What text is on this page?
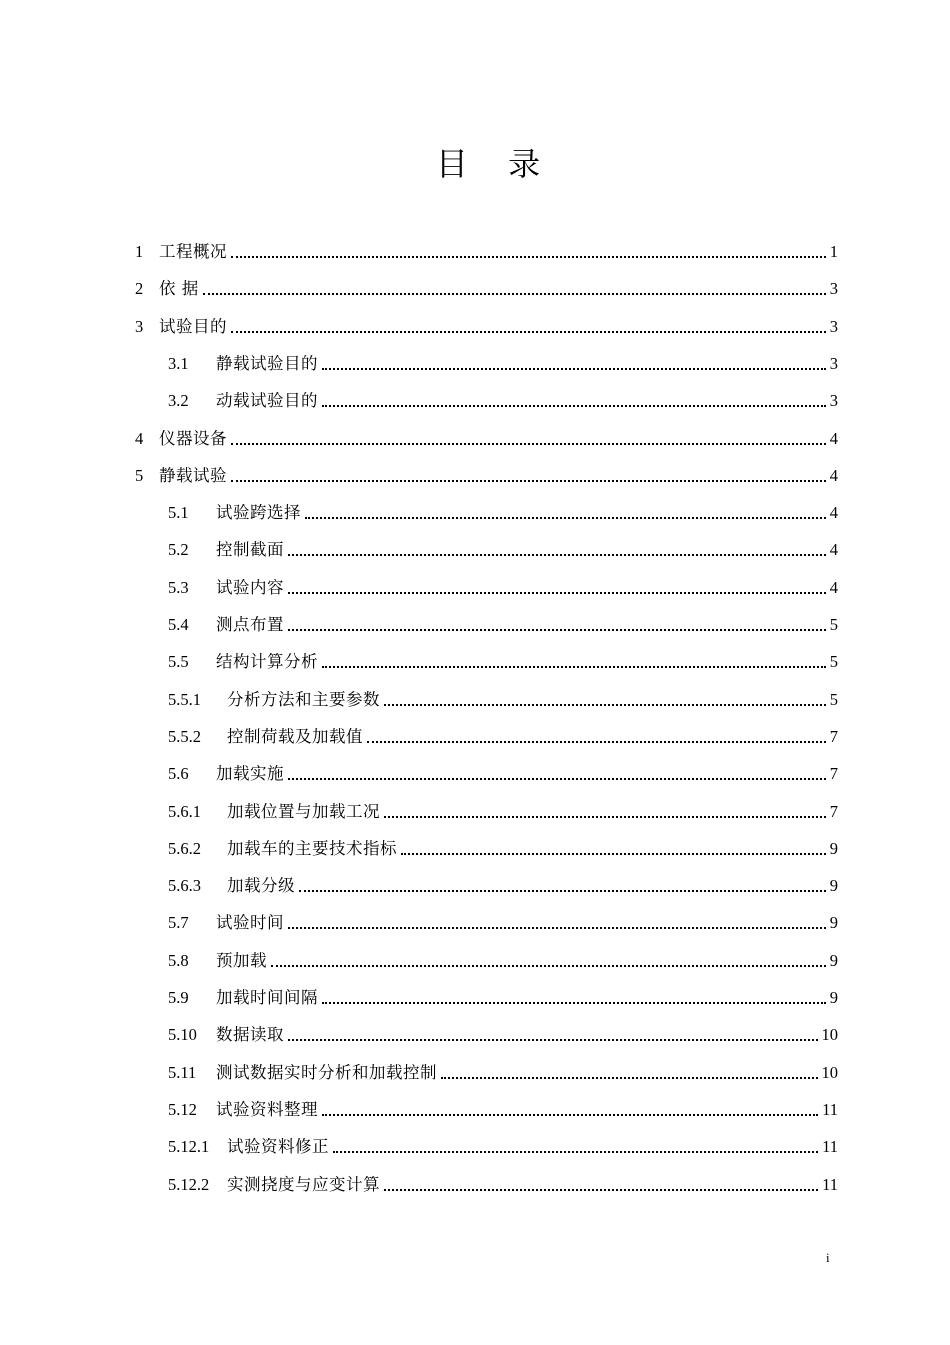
目 录
1 工程概况	1
2 依 据	3
3 试验目的	3
3.1	静载试验目的	3
3.2	动载试验目的	3
4 仪器设备	4
5 静载试验	4
5.1	试验跨选择	4
5.2	控制截面	4
5.3	试验内容	4
5.4	测点布置	5
5.5	结构计算分析	5
5.5.1	分析方法和主要参数	5
5.5.2	控制荷载及加载值	7
5.6	加载实施	7
5.6.1	加载位置与加载工况	7
5.6.2	加载车的主要技术指标	9
5.6.3	加载分级	9
5.7	试验时间	9
5.8	预加载	9
5.9	加载时间间隔	9
5.10	数据读取	10
5.11	测试数据实时分析和加载控制	10
5.12	试验资料整理	11
5.12.1	试验资料修正	11
5.12.2	实测挠度与应变计算	11
i
